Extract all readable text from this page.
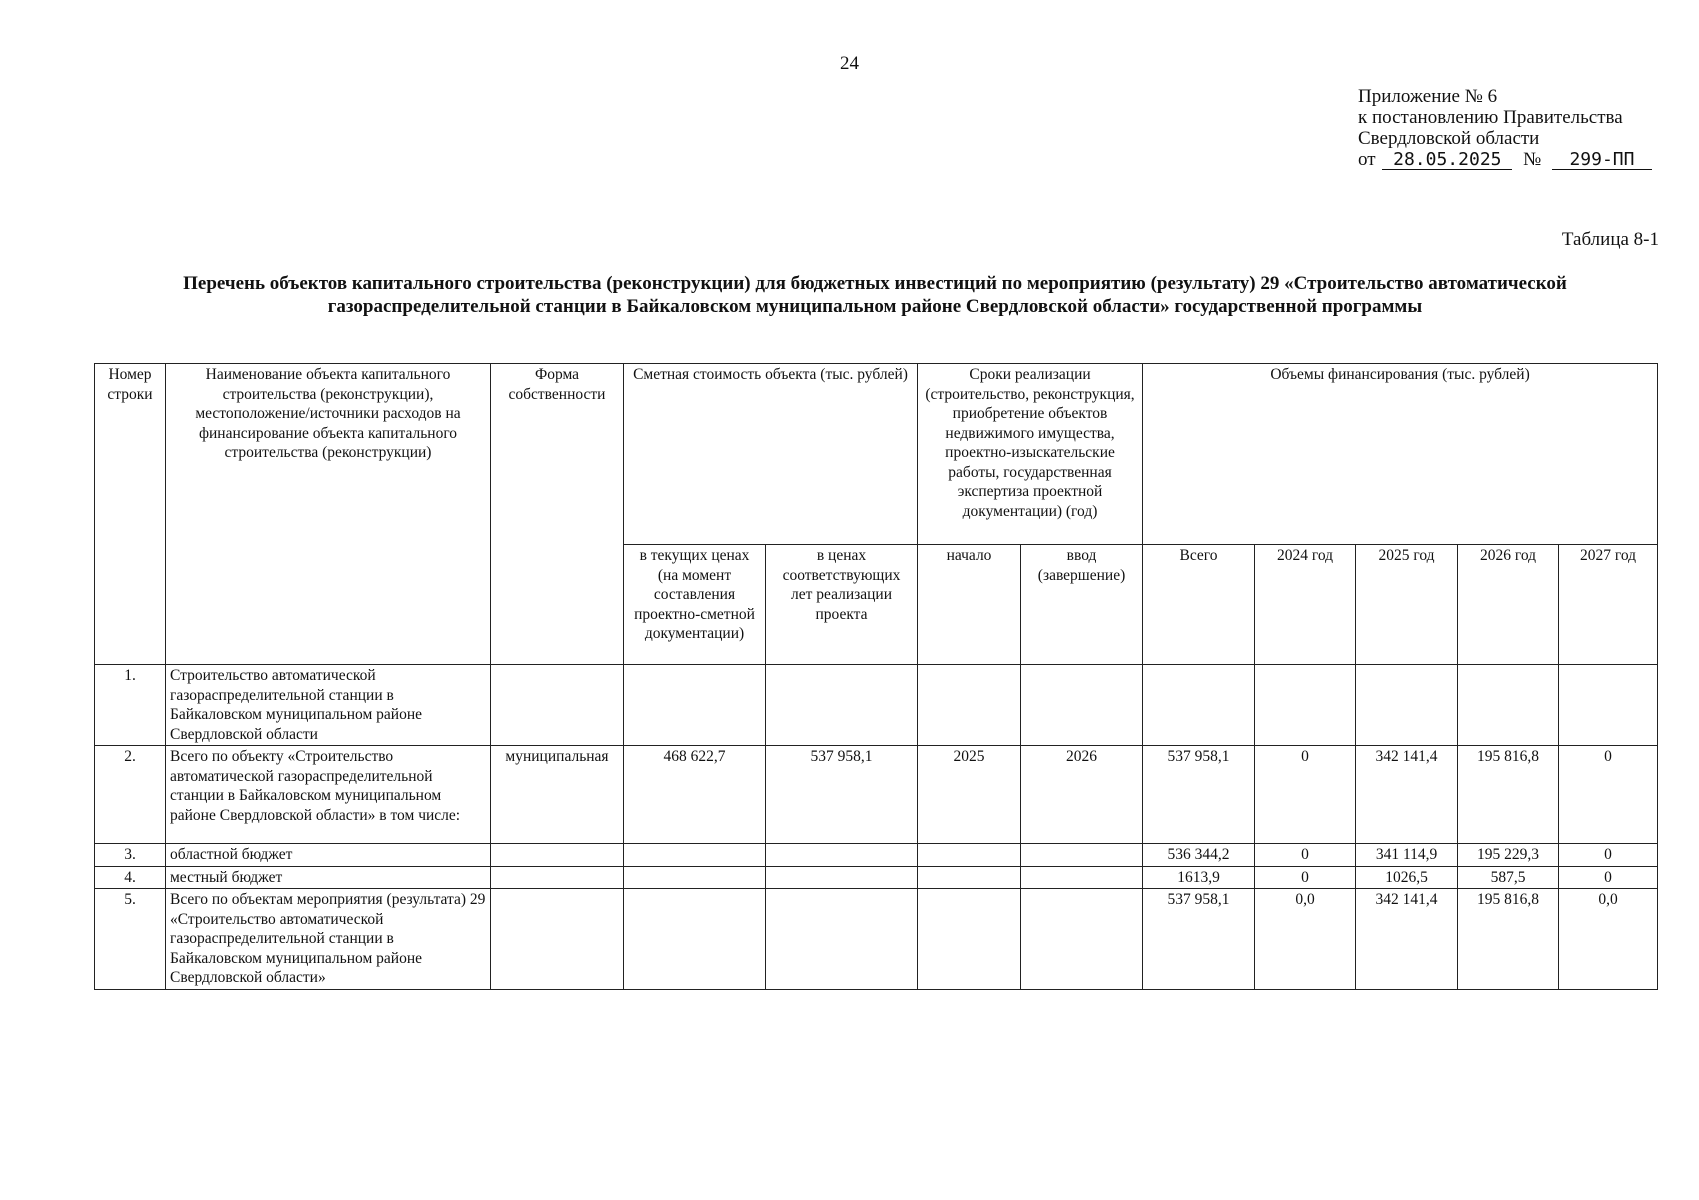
24
Приложение № 6
к постановлению Правительства
Свердловской области
от 28.05.2025 № 299-ПП
Таблица 8-1
Перечень объектов капитального строительства (реконструкции) для бюджетных инвестиций по мероприятию (результату) 29 «Строительство автоматической газораспределительной станции в Байкаловском муниципальном районе Свердловской области» государственной программы
Номер строки	Наименование объекта капитального строительства (реконструкции), местоположение/источники расходов на финансирование объекта капитального строительства (реконструкции)	Форма собственности	Сметная стоимость объекта (тыс. рублей)		Сроки реализации (строительство, реконструкция, приобретение объектов недвижимого имущества, проектно-изыскательские работы, государственная экспертиза проектной документации) (год)		Объемы финансирования (тыс. рублей)				
			в текущих ценах (на момент составления проектно-сметной документации)	в ценах соответствующих лет реализации проекта	начало	ввод (завершение)	Всего	2024 год	2025 год	2026 год	2027 год
1.	Строительство автоматической газораспределительной станции в Байкаловском муниципальном районе Свердловской области										
2.	Всего по объекту «Строительство автоматической газораспределительной станции в Байкаловском муниципальном районе Свердловской области» в том числе:	муниципальная	468 622,7	537 958,1	2025	2026	537 958,1	0	342 141,4	195 816,8	0
3.	областной бюджет						536 344,2	0	341 114,9	195 229,3	0
4.	местный бюджет						1613,9	0	1026,5	587,5	0
5.	Всего по объектам мероприятия (результата) 29 «Строительство автоматической газораспределительной станции в Байкаловском муниципальном районе Свердловской области»						537 958,1	0,0	342 141,4	195 816,8	0,0
